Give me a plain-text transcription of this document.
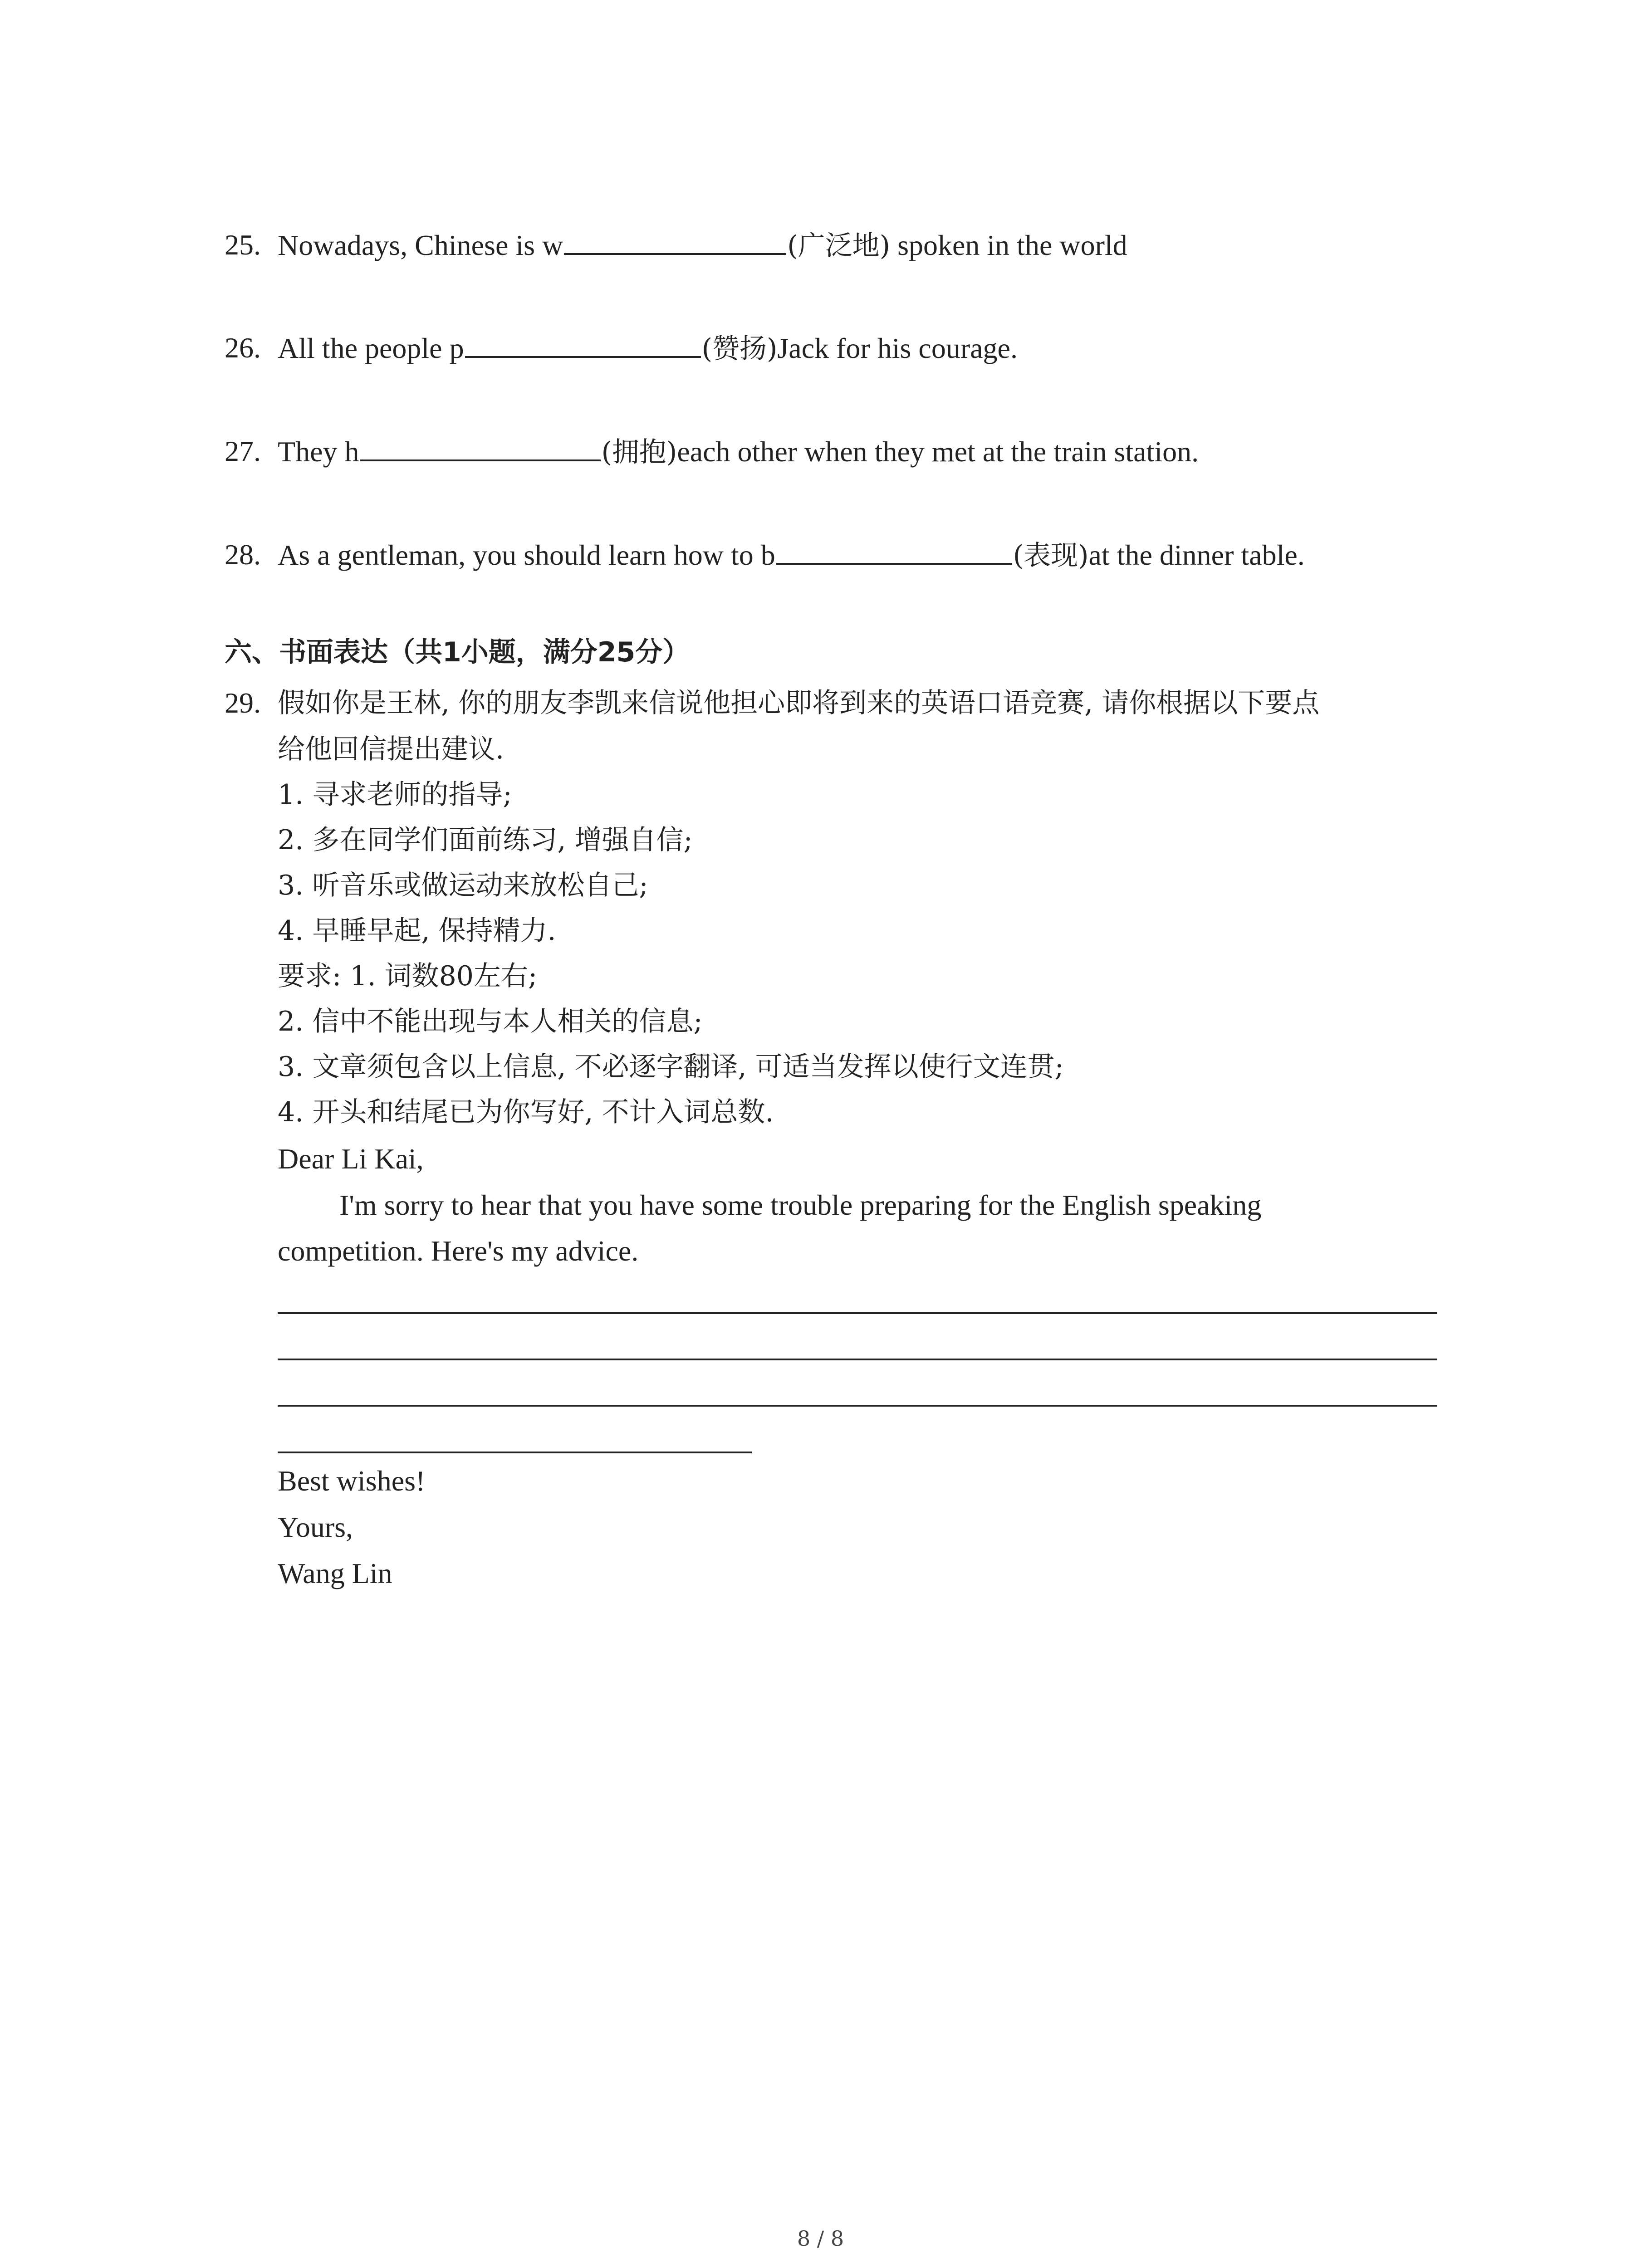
25. Nowadays, Chinese is w	(广泛地) spoken in the world
26. All the people p	(赞扬)Jack for his courage.
27. They h	(拥抱)each other when they met at the train station.
28. As a gentleman, you should learn how to b	(表现)at the dinner table.
六、书面表达（共1小题，满分25分）
29. 假如你是王林, 你的朋友李凯来信说他担心即将到来的英语口语竞赛, 请你根据以下要点
给他回信提出建议.
1. 寻求老师的指导;
2. 多在同学们面前练习, 增强自信;
3. 听音乐或做运动来放松自己;
4. 早睡早起, 保持精力.
要求: 1. 词数80左右;
2. 信中不能出现与本人相关的信息;
3. 文章须包含以上信息, 不必逐字翻译, 可适当发挥以使行文连贯;
4. 开头和结尾已为你写好, 不计入词总数.
Dear Li Kai,
I'm sorry to hear that you have some trouble preparing for the English speaking
competition. Here's my advice.
Best wishes!
Yours,
Wang Lin
8 / 8
